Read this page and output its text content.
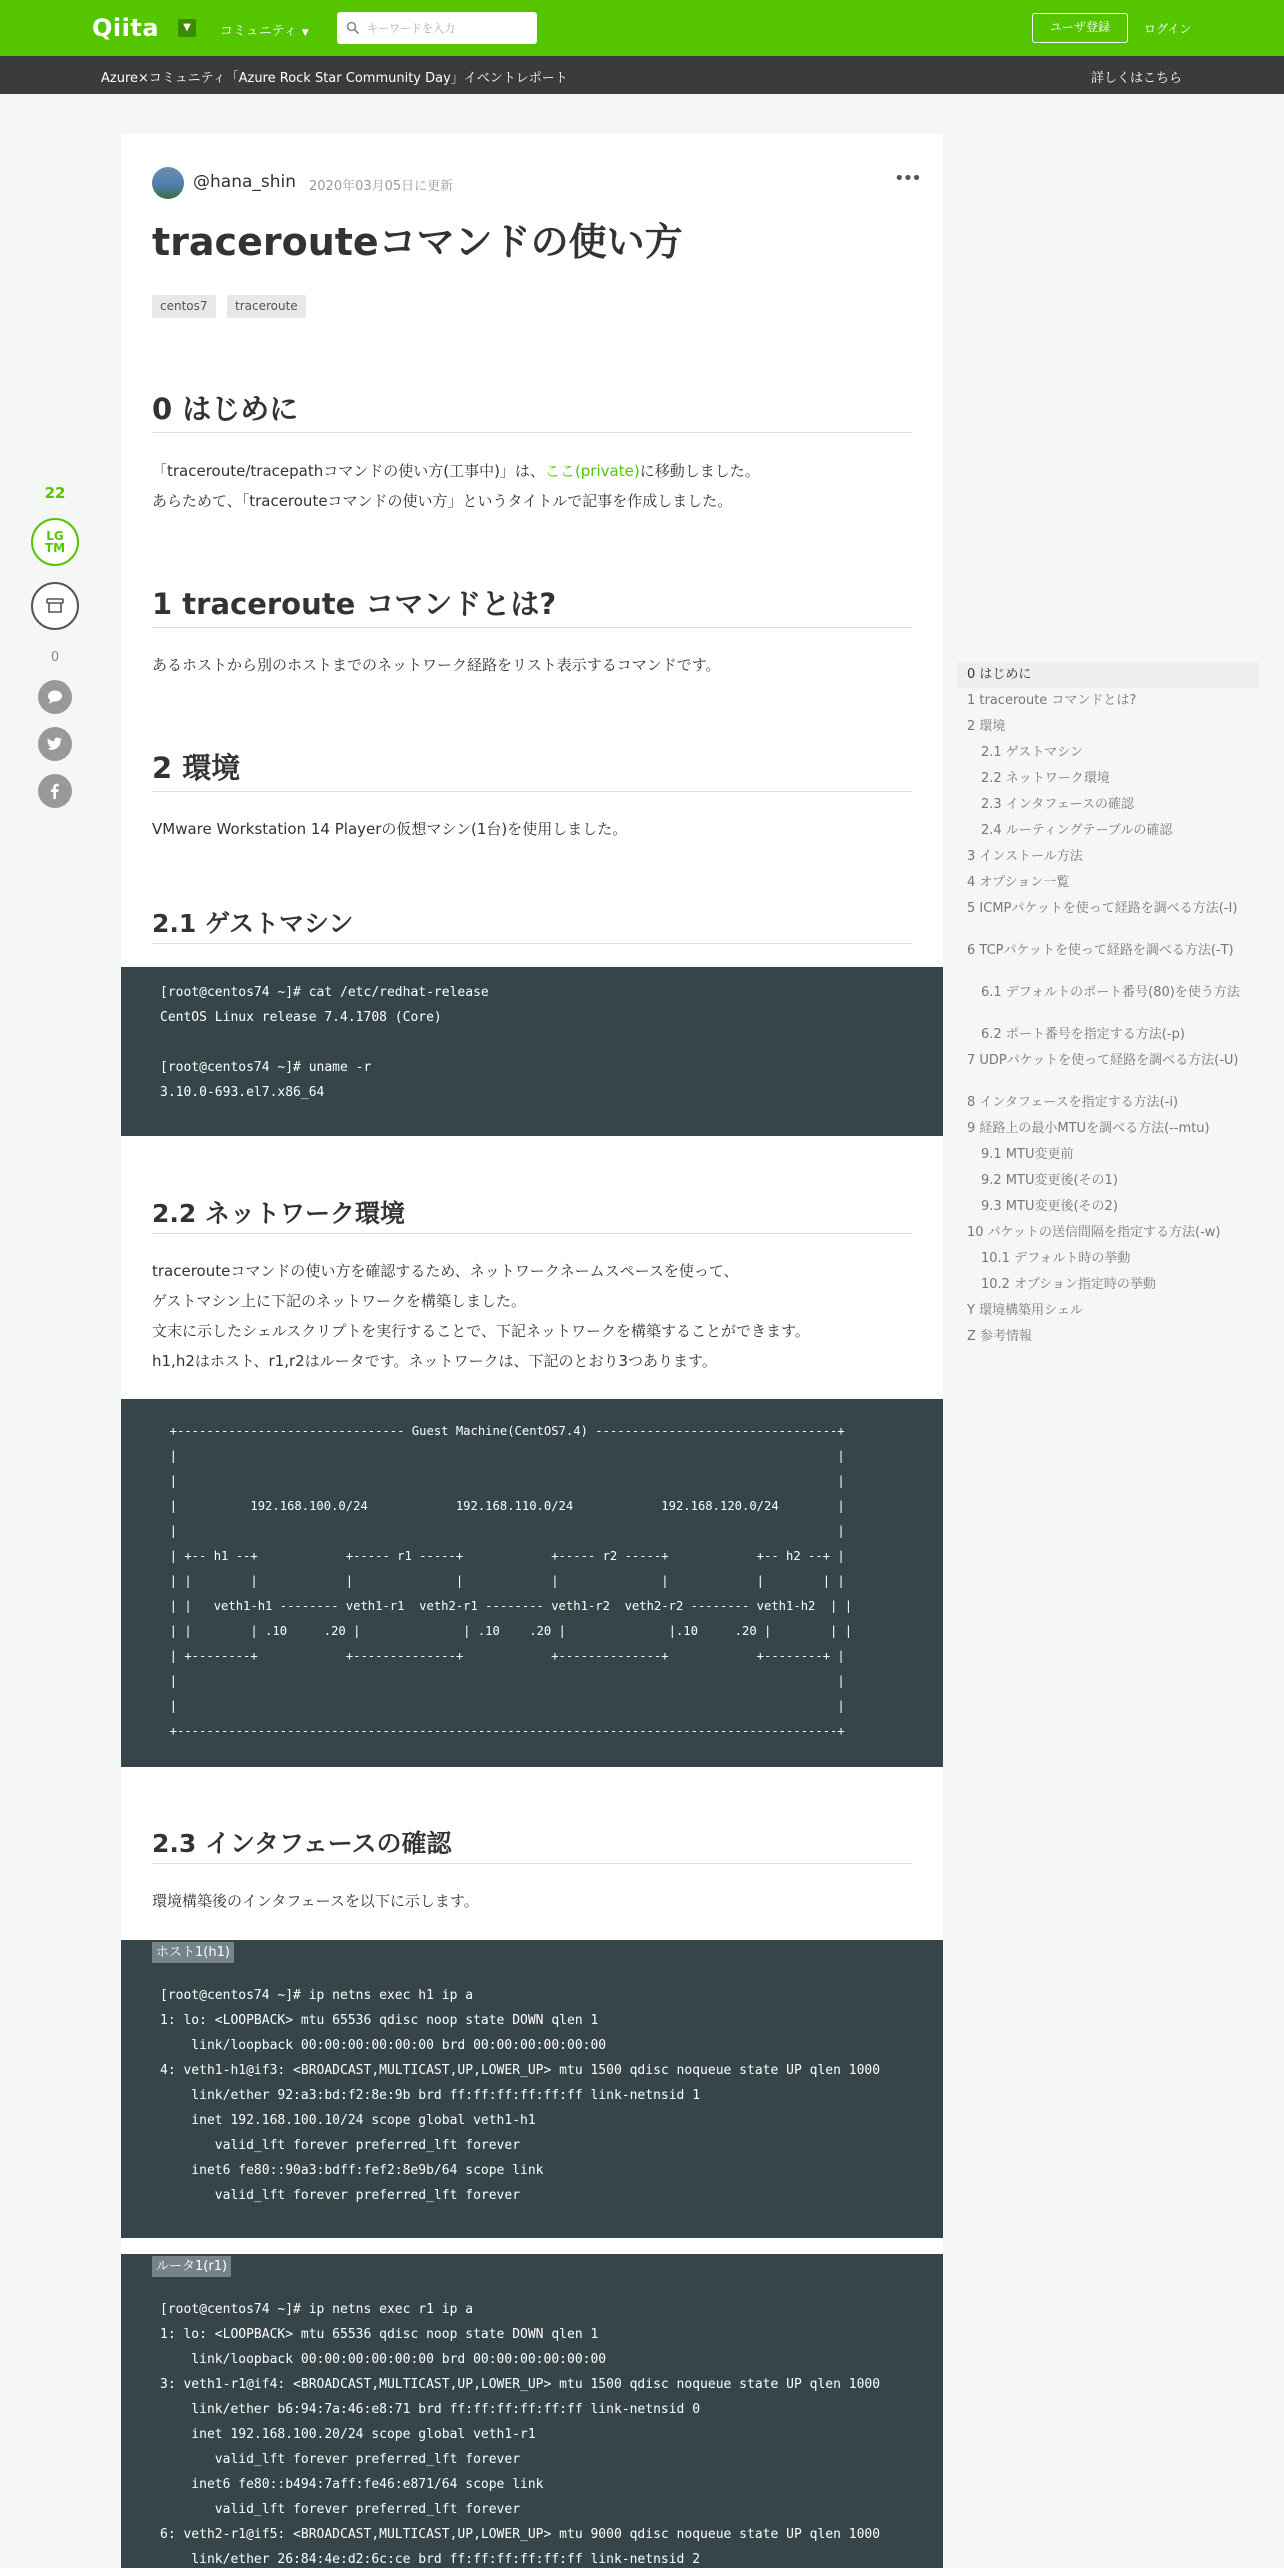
Qiita	▼	コミュニティ ▼
キーワードを入力	ユーザ登録	ログイン
Azure×コミュニティ「Azure Rock Star Community Day」イベントレポート	詳しくはこちら
22
LG
TM
0
@hana_shin 2020年03月05日に更新	•••
tracerouteコマンドの使い方
centos7	traceroute
0 はじめに
「traceroute/tracepathコマンドの使い方(工事中)」は、ここ(private)に移動しました。
あらためて、「tracerouteコマンドの使い方」というタイトルで記事を作成しました。
1 traceroute コマンドとは?
あるホストから別のホストまでのネットワーク経路をリスト表示するコマンドです。
2 環境
VMware Workstation 14 Playerの仮想マシン(1台)を使用しました。
2.1 ゲストマシン
[root@centos74 ~]# cat /etc/redhat-release
CentOS Linux release 7.4.1708 (Core)
[root@centos74 ~]# uname -r
3.10.0-693.el7.x86_64
2.2 ネットワーク環境
tracerouteコマンドの使い方を確認するため、ネットワークネームスペースを使って、
ゲストマシン上に下記のネットワークを構築しました。
文末に示したシェルスクリプトを実行することで、下記ネットワークを構築することができます。
h1,h2はホスト、r1,r2はルータです。ネットワークは、下記のとおり3つあります。
+------------------------------- Guest Machine(CentOS7.4) ---------------------------------+
|                                                                                          |
|                                                                                          |
|          192.168.100.0/24            192.168.110.0/24            192.168.120.0/24        |
|                                                                                          |
| +-- h1 --+            +----- r1 -----+            +----- r2 -----+            +-- h2 --+ |
| |        |            |              |            |              |            |        | |
| |   veth1-h1 -------- veth1-r1  veth2-r1 -------- veth1-r2  veth2-r2 -------- veth1-h2  | |
| |        | .10     .20 |              | .10    .20 |              |.10     .20 |        | |
| +--------+            +--------------+            +--------------+            +--------+ |
|                                                                                          |
|                                                                                          |
+------------------------------------------------------------------------------------------+
2.3 インタフェースの確認
環境構築後のインタフェースを以下に示します。
[root@centos74 ~]# ip netns exec h1 ip a
1: lo: <LOOPBACK> mtu 65536 qdisc noop state DOWN qlen 1
link/loopback 00:00:00:00:00:00 brd 00:00:00:00:00:00
4: veth1-h1@if3: <BROADCAST,MULTICAST,UP,LOWER_UP> mtu 1500 qdisc noqueue state UP qlen 1000
link/ether 92:a3:bd:f2:8e:9b brd ff:ff:ff:ff:ff:ff link-netnsid 1
inet 192.168.100.10/24 scope global veth1-h1
valid_lft forever preferred_lft forever
inet6 fe80::90a3:bdff:fef2:8e9b/64 scope link
valid_lft forever preferred_lft forever
ホスト1(h1)
[root@centos74 ~]# ip netns exec r1 ip a
1: lo: <LOOPBACK> mtu 65536 qdisc noop state DOWN qlen 1
link/loopback 00:00:00:00:00:00 brd 00:00:00:00:00:00
3: veth1-r1@if4: <BROADCAST,MULTICAST,UP,LOWER_UP> mtu 1500 qdisc noqueue state UP qlen 1000
link/ether b6:94:7a:46:e8:71 brd ff:ff:ff:ff:ff:ff link-netnsid 0
inet 192.168.100.20/24 scope global veth1-r1
valid_lft forever preferred_lft forever
inet6 fe80::b494:7aff:fe46:e871/64 scope link
valid_lft forever preferred_lft forever
6: veth2-r1@if5: <BROADCAST,MULTICAST,UP,LOWER_UP> mtu 9000 qdisc noqueue state UP qlen 1000
link/ether 26:84:4e:d2:6c:ce brd ff:ff:ff:ff:ff:ff link-netnsid 2
ルータ1(r1)
0 はじめに
1 traceroute コマンドとは?
2 環境
2.1 ゲストマシン
2.2 ネットワーク環境
2.3 インタフェースの確認
2.4 ルーティングテーブルの確認
3 インストール方法
4 オプション一覧
5 ICMPパケットを使って経路を調べる方法(-I)
6 TCPパケットを使って経路を調べる方法(-T)
6.1 デフォルトのポート番号(80)を使う方法
6.2 ポート番号を指定する方法(-p)
7 UDPパケットを使って経路を調べる方法(-U)
8 インタフェースを指定する方法(-i)
9 経路上の最小MTUを調べる方法(--mtu)
9.1 MTU変更前
9.2 MTU変更後(その1)
9.3 MTU変更後(その2)
10 パケットの送信間隔を指定する方法(-w)
10.1 デフォルト時の挙動
10.2 オプション指定時の挙動
Y 環境構築用シェル
Z 参考情報
